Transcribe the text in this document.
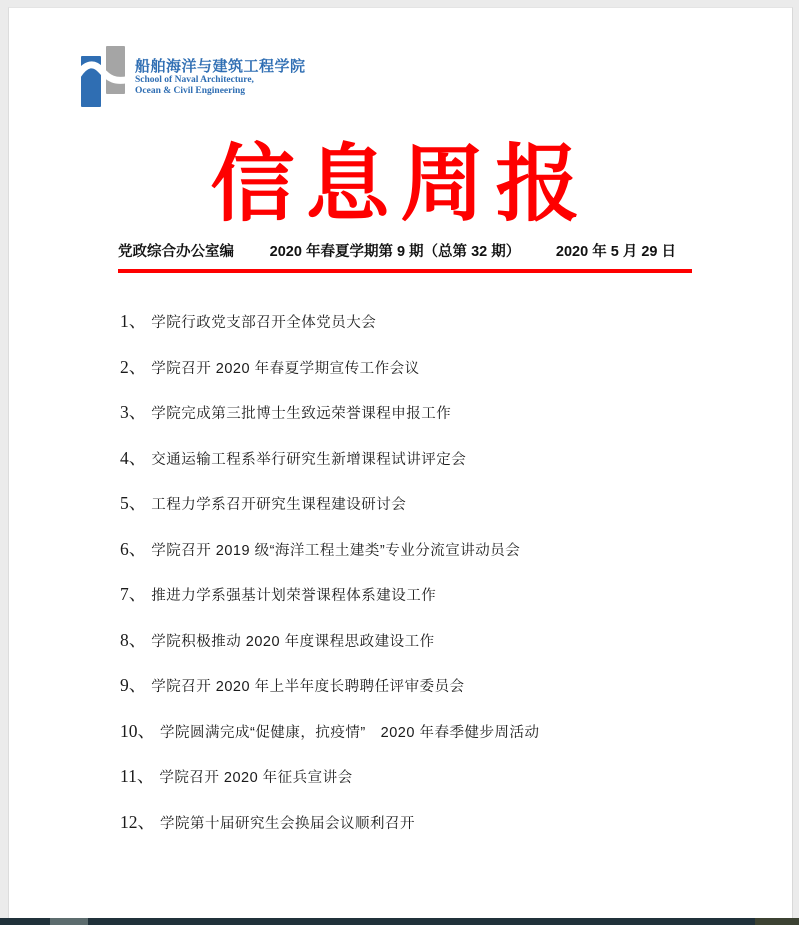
船舶海洋与建筑工程学院
School of Naval Architecture,
Ocean & Civil Engineering
信息周报
党政综合办公室编 2020 年春夏学期第 9 期（总第 32 期） 2020 年 5 月 29 日
1、 学院行政党支部召开全体党员大会
2、 学院召开 2020 年春夏学期宣传工作会议
3、 学院完成第三批博士生致远荣誉课程申报工作
4、 交通运输工程系举行研究生新增课程试讲评定会
5、 工程力学系召开研究生课程建设研讨会
6、 学院召开 2019 级“海洋工程土建类”专业分流宣讲动员会
7、 推进力学系强基计划荣誉课程体系建设工作
8、 学院积极推动 2020 年度课程思政建设工作
9、 学院召开 2020 年上半年度长聘聘任评审委员会
10、 学院圆满完成“促健康，抗疫情”　2020 年春季健步周活动
11、 学院召开 2020 年征兵宣讲会
12、 学院第十届研究生会换届会议顺利召开
